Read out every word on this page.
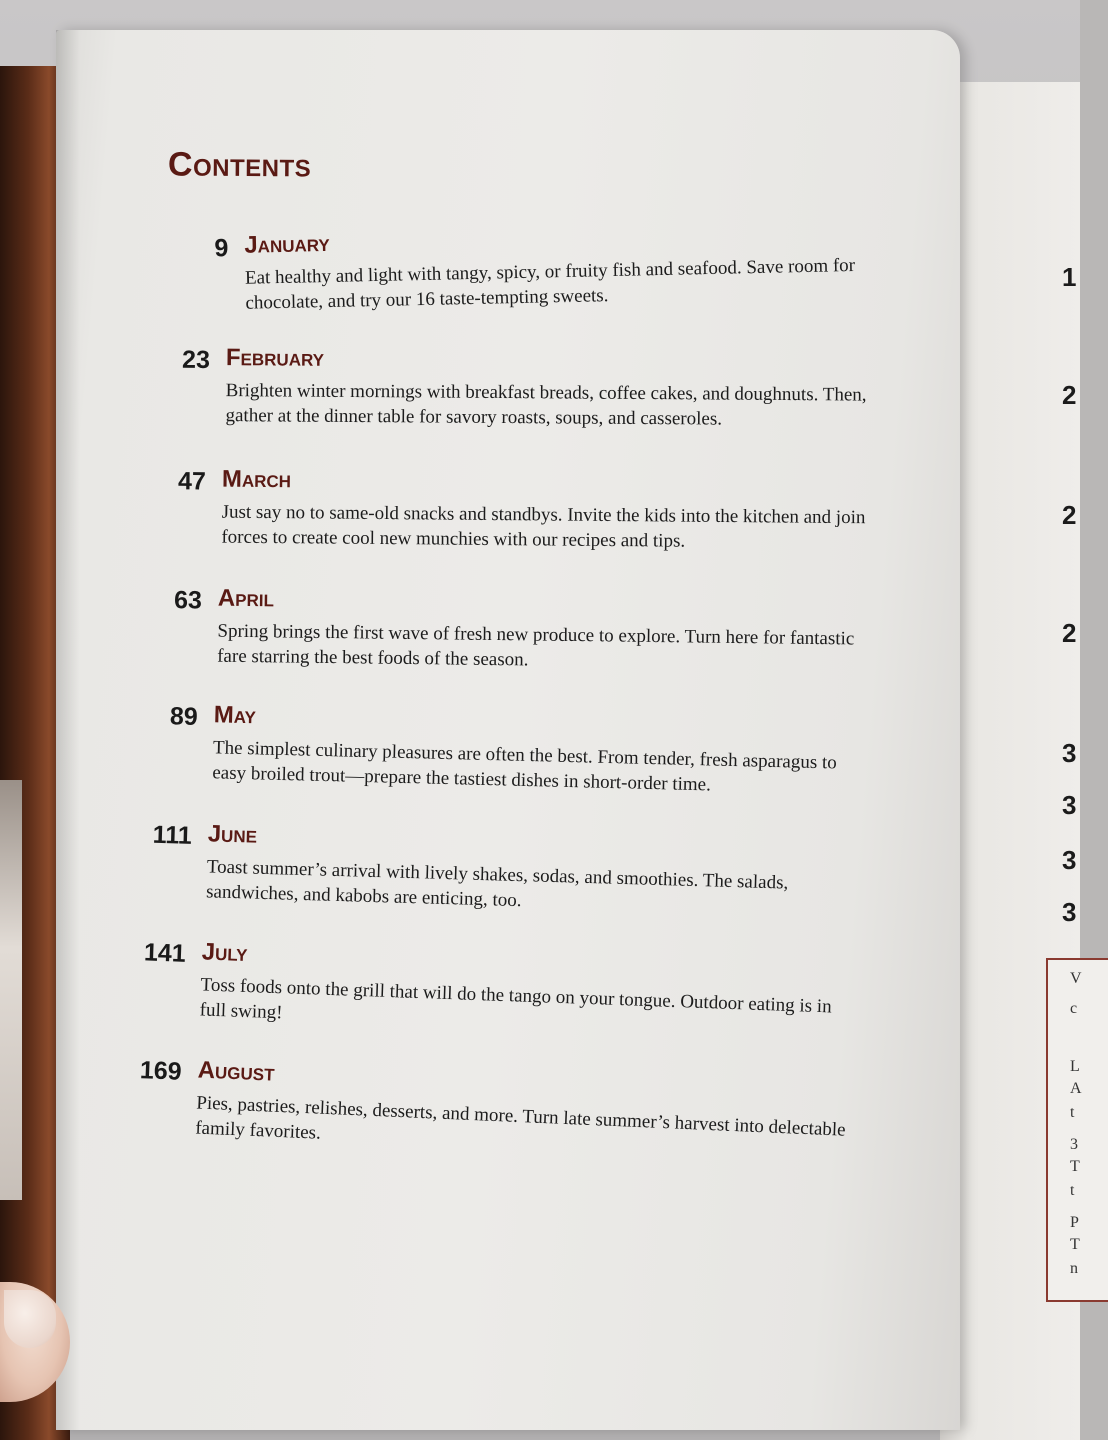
1
2
2
2
3
3
3
3
V
c
L
A
t
3
T
t
P
T
n
Contents
9 January
Eat healthy and light with tangy, spicy, or fruity fish and seafood. Save room for chocolate, and try our 16 taste-tempting sweets.
23 February
Brighten winter mornings with breakfast breads, coffee cakes, and doughnuts. Then, gather at the dinner table for savory roasts, soups, and casseroles.
47 March
Just say no to same-old snacks and standbys. Invite the kids into the kitchen and join forces to create cool new munchies with our recipes and tips.
63 April
Spring brings the first wave of fresh new produce to explore. Turn here for fantastic fare starring the best foods of the season.
89 May
The simplest culinary pleasures are often the best. From tender, fresh asparagus to easy broiled trout—prepare the tastiest dishes in short-order time.
111 June
Toast summer’s arrival with lively shakes, sodas, and smoothies. The salads, sandwiches, and kabobs are enticing, too.
141 July
Toss foods onto the grill that will do the tango on your tongue. Outdoor eating is in full swing!
169 August
Pies, pastries, relishes, desserts, and more. Turn late summer’s harvest into delectable family favorites.
